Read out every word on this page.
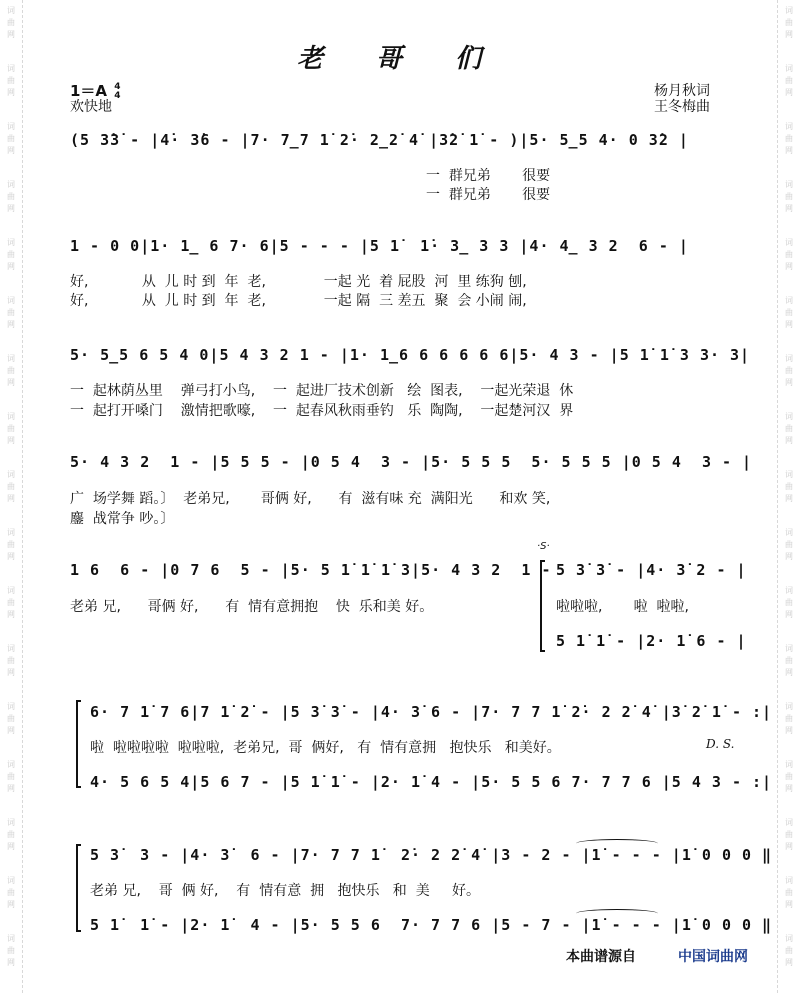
词
曲
网
词
曲
网
词
曲
网
词
曲
网
词
曲
网
词
曲
网
词
曲
网
词
曲
网
词
曲
网
词
曲
网
词
曲
网
词
曲
网
词
曲
网
词
曲
网
词
曲
网
词
曲
网
词
曲
网
词
曲
网
词
曲
网
词
曲
网
词
曲
网
词
曲
网
词
曲
网
词
曲
网
词
曲
网
词
曲
网
词
曲
网
词
曲
网
词
曲
网
词
曲
网
词
曲
网
词
曲
网
词
曲
网
词
曲
网
老 哥 们
1＝A 4
4
欢快地
杨月秋词
王冬梅曲
(5 3̇3̇ - |4̇· 3̇6 - |7· 7̲7 1̇ 2̇· 2̲2̇ 4̇ |3̇2̇ 1̇ - )|5· 5̲5 4· 0 3̇2 |
一  群兄弟       很要
一  群兄弟       很要
1 - 0 0|1· 1̲ 6 7· 6|5 - - - |5 1̇  1̇· 3̲ 3 3 |4· 4̲ 3 2  6 - |
好,            从  儿 时 到  年  老,             一起 光  着 屁股  河  里 练狗 刨,
好,            从  儿 时 到  年  老,             一起 隔  三 差五  聚  会 小闹 闹,
5· 5̲5 6 5 4 0|5 4 3 2 1 - |1· 1̲6 6 6 6 6 6|5· 4 3 - |5 1̇ 1̇ 3 3· 3|
一  起林荫丛里    弹弓打小鸟,    一  起进厂技术创新   绘  图表,    一起光荣退  休
一  起打开嗓门    激情把歌嚎,    一  起春风秋雨垂钓   乐  陶陶,    一起楚河汉  界
5· 4 3 2  1 - |5 5 5 - |0 5 4  3 - |5· 5 5 5  5· 5 5 5 |0 5 4  3 - |
广  场学舞 蹈。〕  老弟兄,       哥俩 好,      有  滋有味 充  满阳光      和欢 笑,
鏖  战常争 吵。〕
1 6  6 - |0 7 6  5 - |5· 5 1̇ 1̇ 1̇ 3|5· 4 3 2  1 -
老弟 兄,      哥俩 好,      有  情有意拥抱    快  乐和美 好。
·S·
5 3̇ 3̇ - |4· 3̇ 2 - |
啦啦啦,       啦  啦啦,
5 1̇ 1̇ - |2· 1̇ 6 - |
6· 7 1̇ 7 6|7 1̇ 2̇ - |5 3̇ 3̇ - |4· 3̇ 6 - |7· 7 7 1̇ 2̇· 2 2̇ 4̇ |3̇ 2̇ 1̇ - :|
啦  啦啦啦啦  啦啦啦,  老弟兄,  哥  俩好,   有  情有意拥   抱快乐   和美好。	D. S.
4· 5 6 5 4|5 6 7 - |5 1̇ 1̇ - |2· 1̇ 4 - |5· 5 5 6 7· 7 7 6 |5 4 3 - :|
5 3̇  3 - |4· 3̇  6 - |7· 7 7 1̇  2̇· 2 2̇ 4̇ |3 - 2 - |1̇ - - - |1̇ 0 0 0 ‖
老弟 兄,    哥  俩 好,    有  情有意  拥   抱快乐   和  美     好。
5 1̇  1̇ - |2· 1̇  4 - |5· 5 5 6  7· 7 7 6 |5 - 7 - |1̇ - - - |1̇ 0 0 0 ‖
本曲谱源自	中国词曲网
